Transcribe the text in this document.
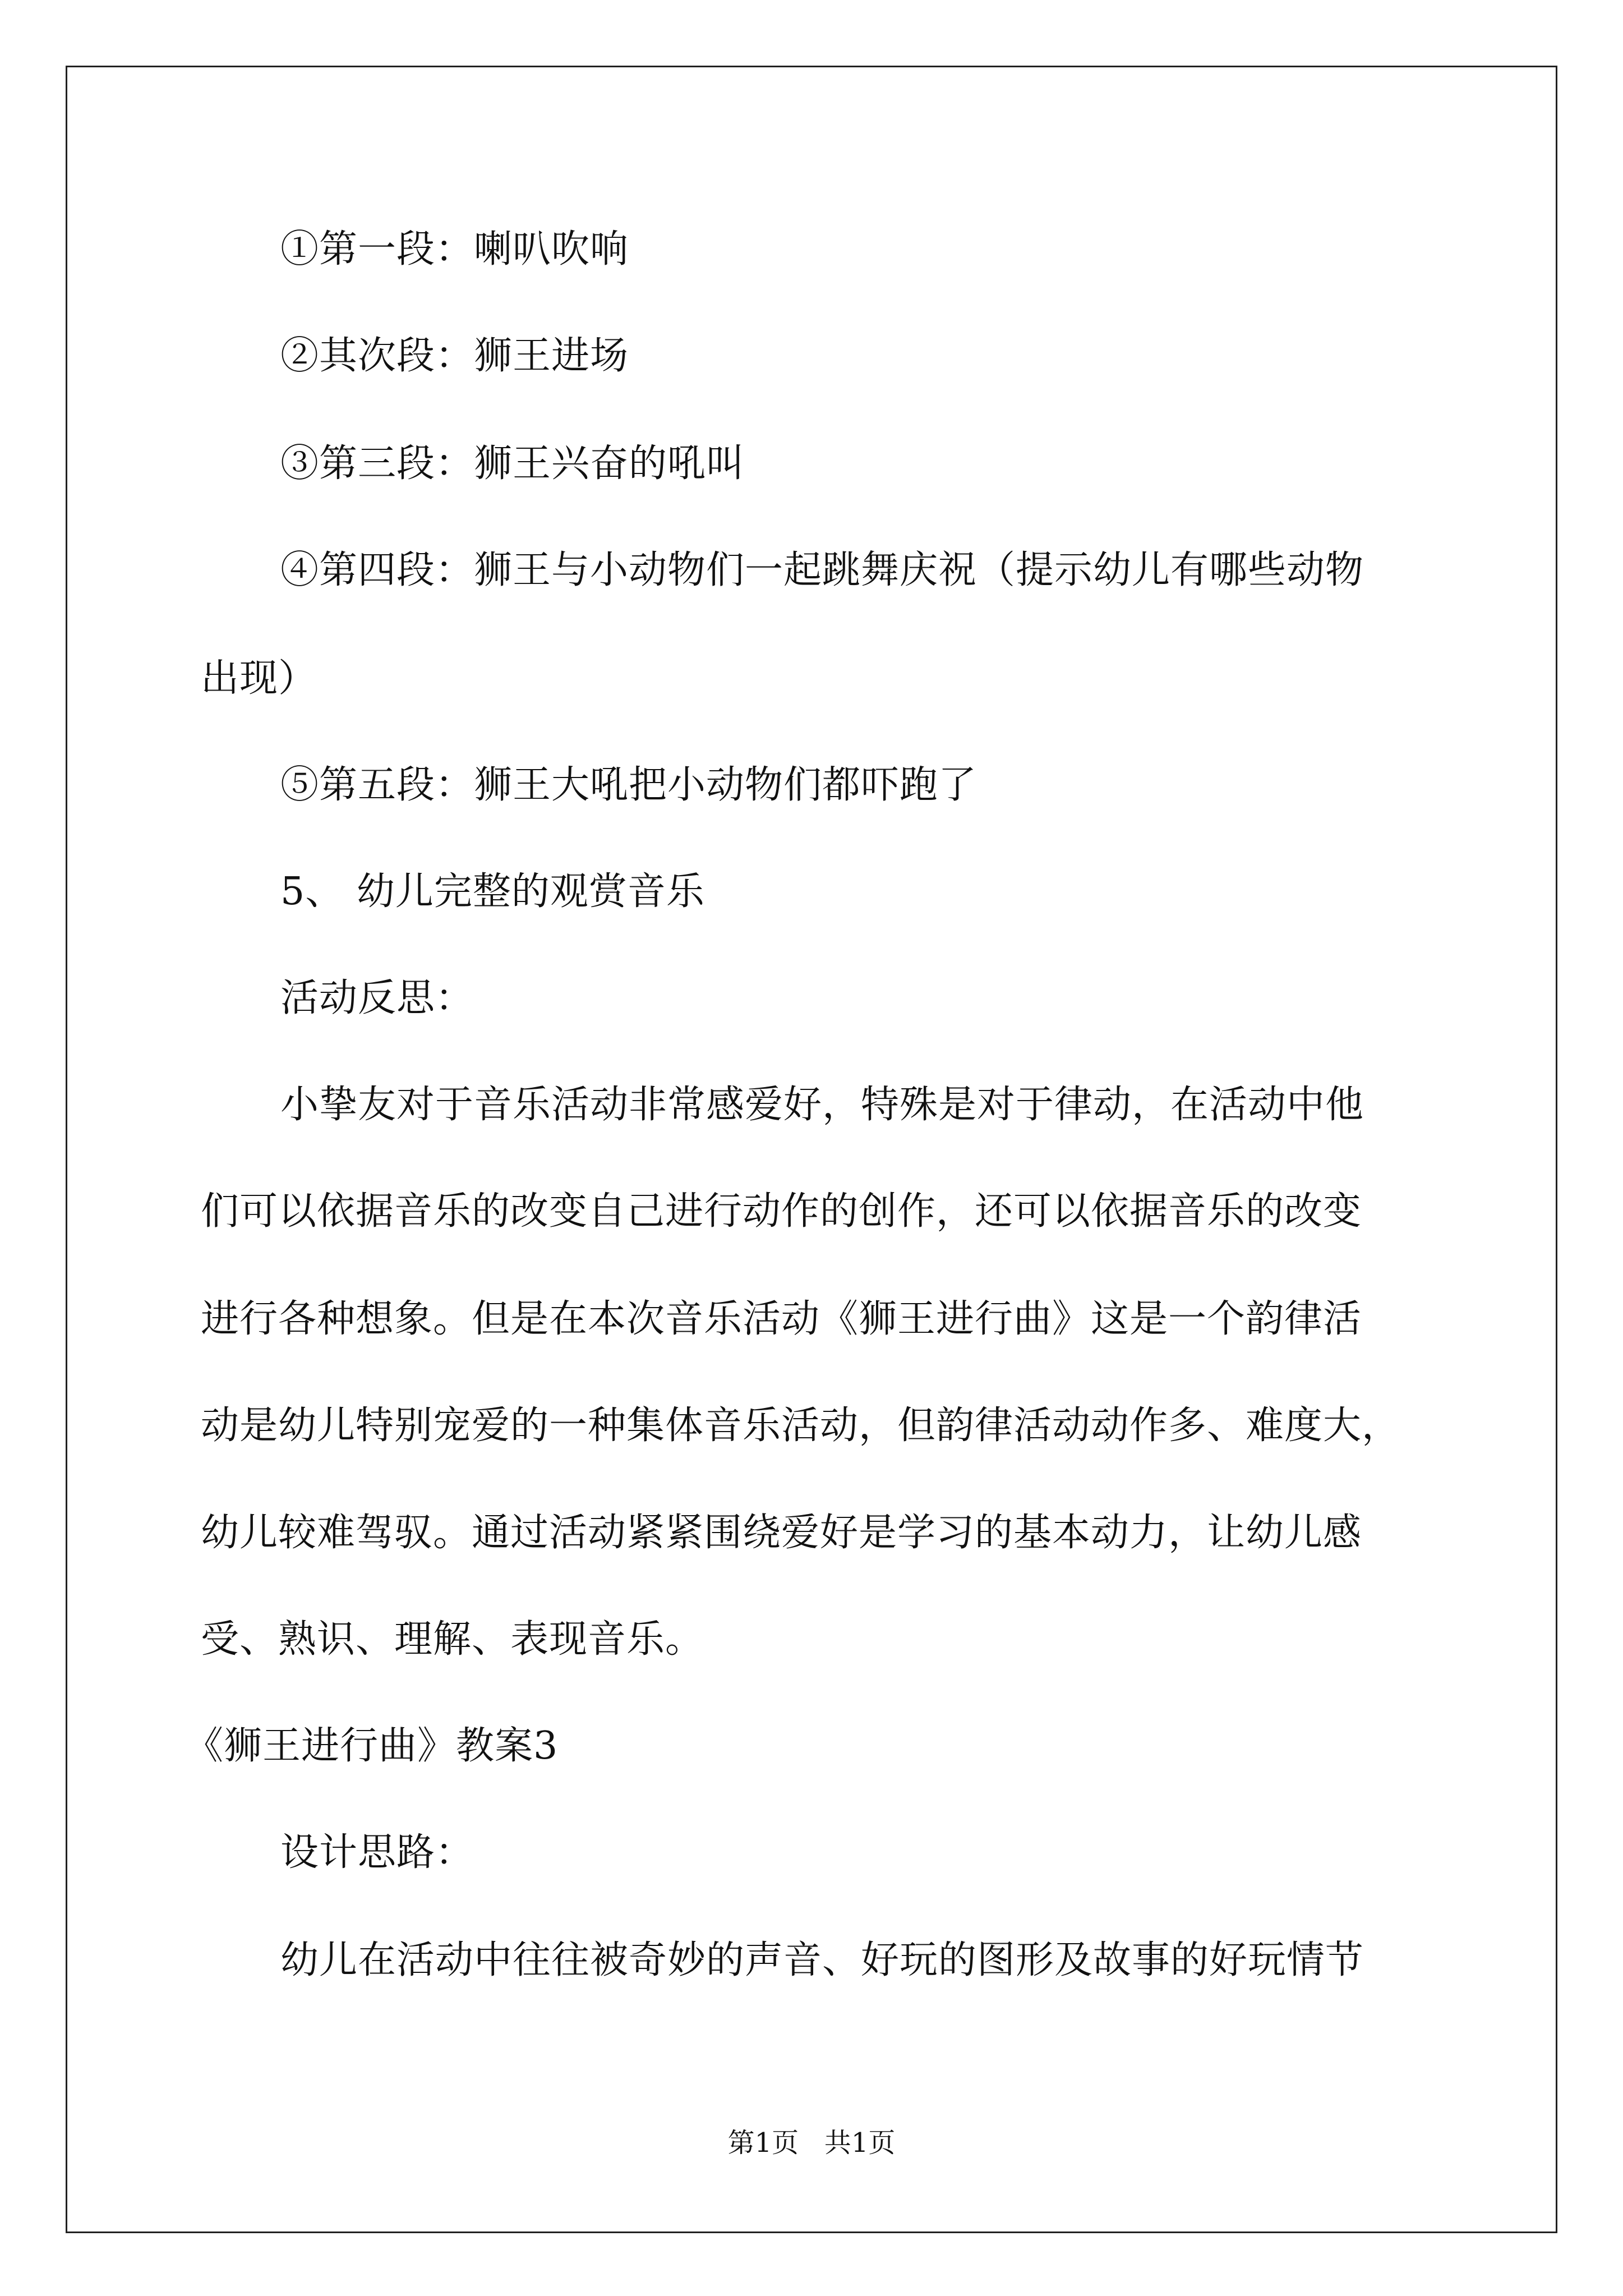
①第一段：喇叭吹响
②其次段：狮王进场
③第三段：狮王兴奋的吼叫
④第四段：狮王与小动物们一起跳舞庆祝（提示幼儿有哪些动物
出现）
⑤第五段：狮王大吼把小动物们都吓跑了
5、 幼儿完整的观赏音乐
活动反思：
小挚友对于音乐活动非常感爱好，特殊是对于律动，在活动中他
们可以依据音乐的改变自己进行动作的创作，还可以依据音乐的改变
进行各种想象。但是在本次音乐活动《狮王进行曲》这是一个韵律活
动是幼儿特别宠爱的一种集体音乐活动，但韵律活动动作多、难度大，
幼儿较难驾驭。通过活动紧紧围绕爱好是学习的基本动力，让幼儿感
受、熟识、理解、表现音乐。
《狮王进行曲》教案3
设计思路：
幼儿在活动中往往被奇妙的声音、好玩的图形及故事的好玩情节
第1页   共1页
